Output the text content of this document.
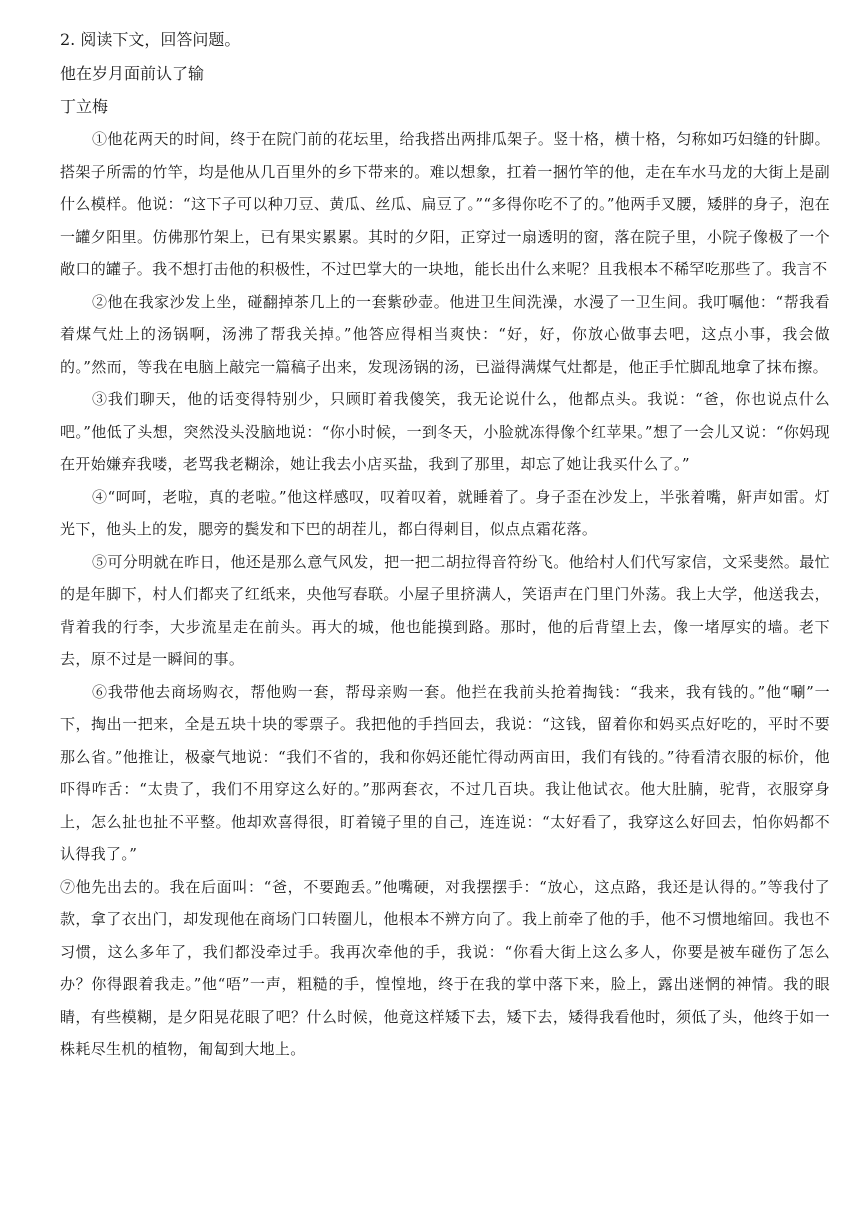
2. 阅读下文，回答问题。
他在岁月面前认了输
丁立梅

①他花两天的时间，终于在院门前的花坛里，给我搭出两排瓜架子。竖十格，横十格，匀称如巧妇缝的针脚。搭架子所需的竹竿，均是他从几百里外的乡下带来的。难以想象，扛着一捆竹竿的他，走在车水马龙的大街上是副什么模样。他说：“这下子可以种刀豆、黄瓜、丝瓜、扁豆了。”“多得你吃不了的。”他两手叉腰，矮胖的身子，泡在一罐夕阳里。仿佛那竹架上，已有果实累累。其时的夕阳，正穿过一扇透明的窗，落在院子里，小院子像极了一个敞口的罐子。我不想打击他的积极性，不过巴掌大的一块地，能长出什么来呢？且我根本不稀罕吃那些了。我言不

②他在我家沙发上坐，碰翻掉茶几上的一套紫砂壶。他进卫生间洗澡，水漫了一卫生间。我叮嘱他：“帮我看着煤气灶上的汤锅啊，汤沸了帮我关掉。”他答应得相当爽快：“好，好，你放心做事去吧，这点小事，我会做的。”然而，等我在电脑上敲完一篇稿子出来，发现汤锅的汤，已溢得满煤气灶都是，他正手忙脚乱地拿了抹布擦。

③我们聊天，他的话变得特别少，只顾盯着我傻笑，我无论说什么，他都点头。我说：“爸，你也说点什么吧。”他低了头想，突然没头没脑地说：“你小时候，一到冬天，小脸就冻得像个红苹果。”想了一会儿又说：“你妈现在开始嫌弃我喽，老骂我老糊涂，她让我去小店买盐，我到了那里，却忘了她让我买什么了。”

④“呵呵，老啦，真的老啦。”他这样感叹，叹着叹着，就睡着了。身子歪在沙发上，半张着嘴，鼾声如雷。灯光下，他头上的发，腮旁的鬓发和下巴的胡茬儿，都白得刺目，似点点霜花落。

⑤可分明就在昨日，他还是那么意气风发，把一把二胡拉得音符纷飞。他给村人们代写家信，文采斐然。最忙的是年脚下，村人们都夹了红纸来，央他写春联。小屋子里挤满人，笑语声在门里门外荡。我上大学，他送我去，背着我的行李，大步流星走在前头。再大的城，他也能摸到路。那时，他的后背望上去，像一堵厚实的墙。老下去，原不过是一瞬间的事。

⑥我带他去商场购衣，帮他购一套，帮母亲购一套。他拦在我前头抢着掏钱：“我来，我有钱的。”他“唰”一下，掏出一把来，全是五块十块的零票子。我把他的手挡回去，我说：“这钱，留着你和妈买点好吃的，平时不要那么省。”他推让，极豪气地说：“我们不省的，我和你妈还能忙得动两亩田，我们有钱的。”待看清衣服的标价，他吓得咋舌：“太贵了，我们不用穿这么好的。”那两套衣，不过几百块。我让他试衣。他大肚腩，驼背，衣服穿身上，怎么扯也扯不平整。他却欢喜得很，盯着镜子里的自己，连连说：“太好看了，我穿这么好回去，怕你妈都不认得我了。”

⑦他先出去的。我在后面叫：“爸，不要跑丢。”他嘴硬，对我摆摆手：“放心，这点路，我还是认得的。”等我付了款，拿了衣出门，却发现他在商场门口转圈儿，他根本不辨方向了。我上前牵了他的手，他不习惯地缩回。我也不习惯，这么多年了，我们都没牵过手。我再次牵他的手，我说：“你看大街上这么多人，你要是被车碰伤了怎么办？你得跟着我走。”他“唔”一声，粗糙的手，惶惶地，终于在我的掌中落下来，脸上，露出迷惘的神情。我的眼睛，有些模糊，是夕阳晃花眼了吧？什么时候，他竟这样矮下去，矮下去，矮得我看他时，须低了头，他终于如一株耗尽生机的植物，匍匐到大地上。
